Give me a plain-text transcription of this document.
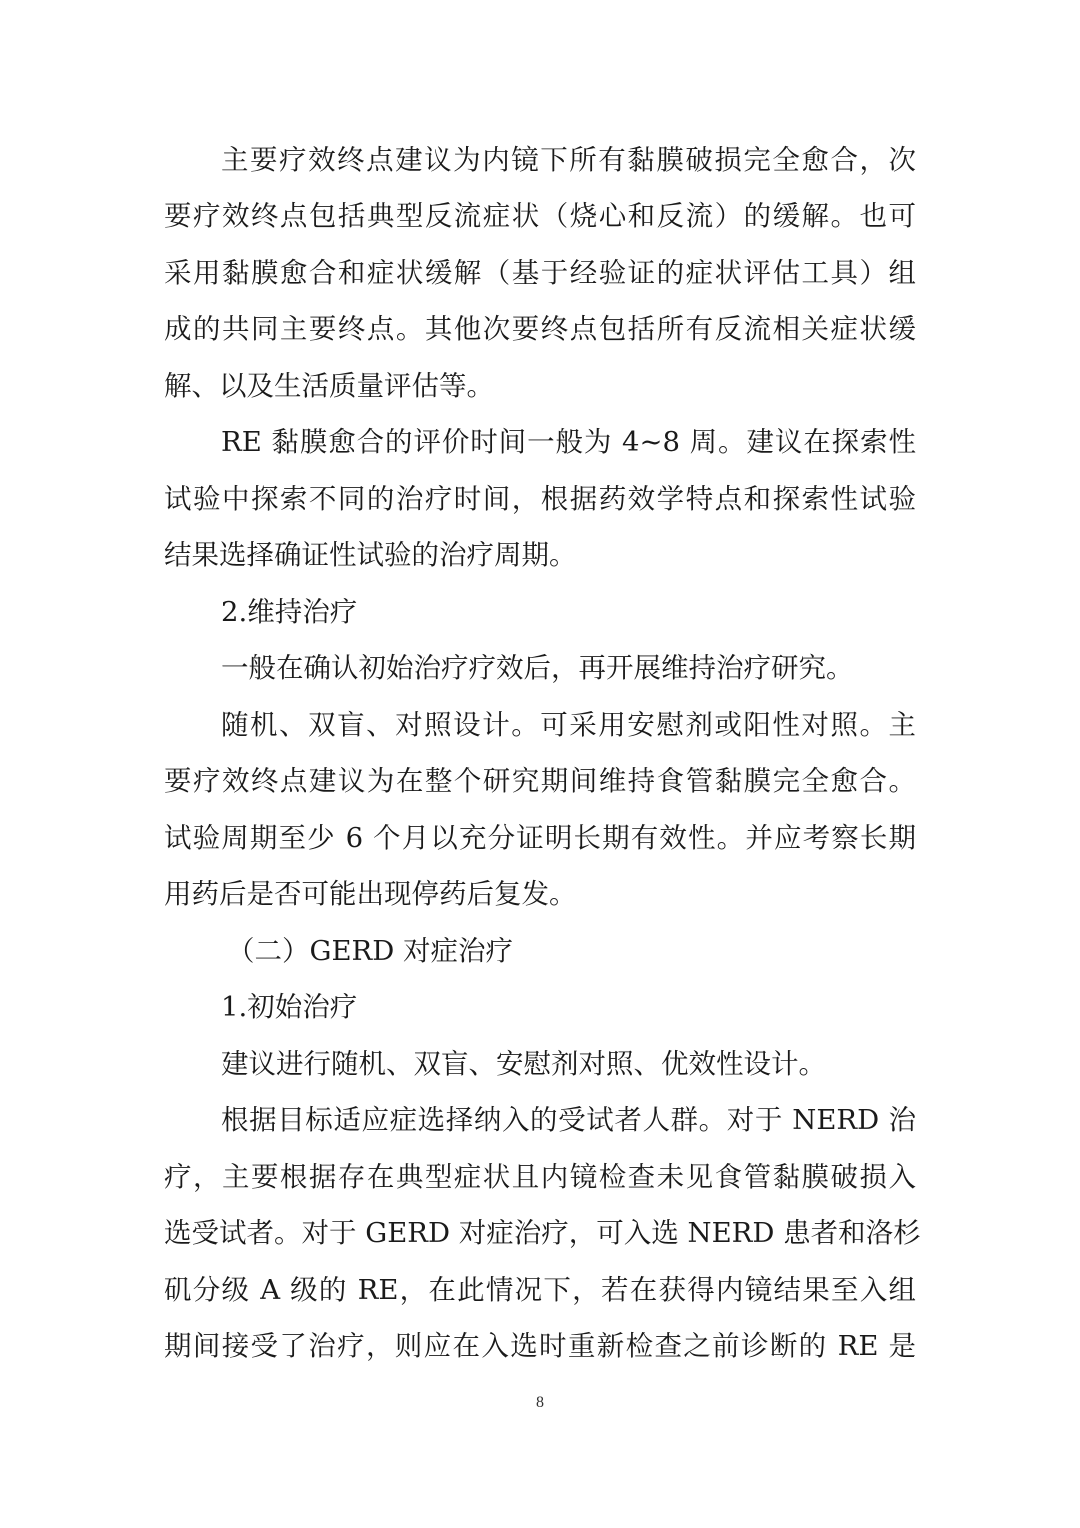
主要疗效终点建议为内镜下所有黏膜破损完全愈合，次
要疗效终点包括典型反流症状（烧心和反流）的缓解。也可
采用黏膜愈合和症状缓解（基于经验证的症状评估工具）组
成的共同主要终点。其他次要终点包括所有反流相关症状缓
解、以及生活质量评估等。
RE 黏膜愈合的评价时间一般为 4~8 周。建议在探索性
试验中探索不同的治疗时间，根据药效学特点和探索性试验
结果选择确证性试验的治疗周期。
2.维持治疗
一般在确认初始治疗疗效后，再开展维持治疗研究。
随机、双盲、对照设计。可采用安慰剂或阳性对照。主
要疗效终点建议为在整个研究期间维持食管黏膜完全愈合。
试验周期至少 6 个月以充分证明长期有效性。并应考察长期
用药后是否可能出现停药后复发。
（二）GERD 对症治疗
1.初始治疗
建议进行随机、双盲、安慰剂对照、优效性设计。
根据目标适应症选择纳入的受试者人群。对于 NERD 治
疗，主要根据存在典型症状且内镜检查未见食管黏膜破损入
选受试者。对于 GERD 对症治疗，可入选 NERD 患者和洛杉
矶分级 A 级的 RE，在此情况下，若在获得内镜结果至入组
期间接受了治疗，则应在入选时重新检查之前诊断的 RE 是
8
